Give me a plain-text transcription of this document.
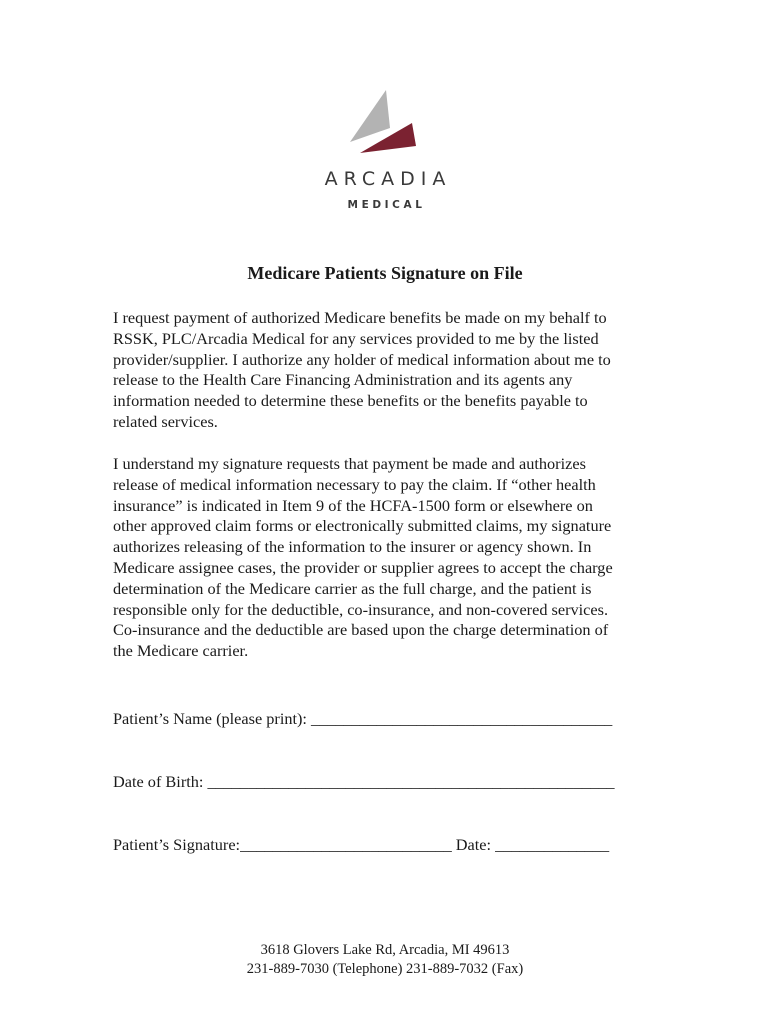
ARCADIA
MEDICAL
Medicare Patients Signature on File
I request payment of authorized Medicare benefits be made on my behalf to
RSSK, PLC/Arcadia Medical for any services provided to me by the listed
provider/supplier. I authorize any holder of medical information about me to
release to the Health Care Financing Administration and its agents any
information needed to determine these benefits or the benefits payable to
related services.
I understand my signature requests that payment be made and authorizes
release of medical information necessary to pay the claim. If “other health
insurance” is indicated in Item 9 of the HCFA-1500 form or elsewhere on
other approved claim forms or electronically submitted claims, my signature
authorizes releasing of the information to the insurer or agency shown. In
Medicare assignee cases, the provider or supplier agrees to accept the charge
determination of the Medicare carrier as the full charge, and the patient is
responsible only for the deductible, co-insurance, and non-covered services.
Co-insurance and the deductible are based upon the charge determination of
the Medicare carrier.
Patient’s Name (please print): _____________________________________
Date of Birth: __________________________________________________
Patient’s Signature:__________________________ Date: ______________
3618 Glovers Lake Rd, Arcadia, MI 49613
231-889-7030 (Telephone) 231-889-7032 (Fax)
